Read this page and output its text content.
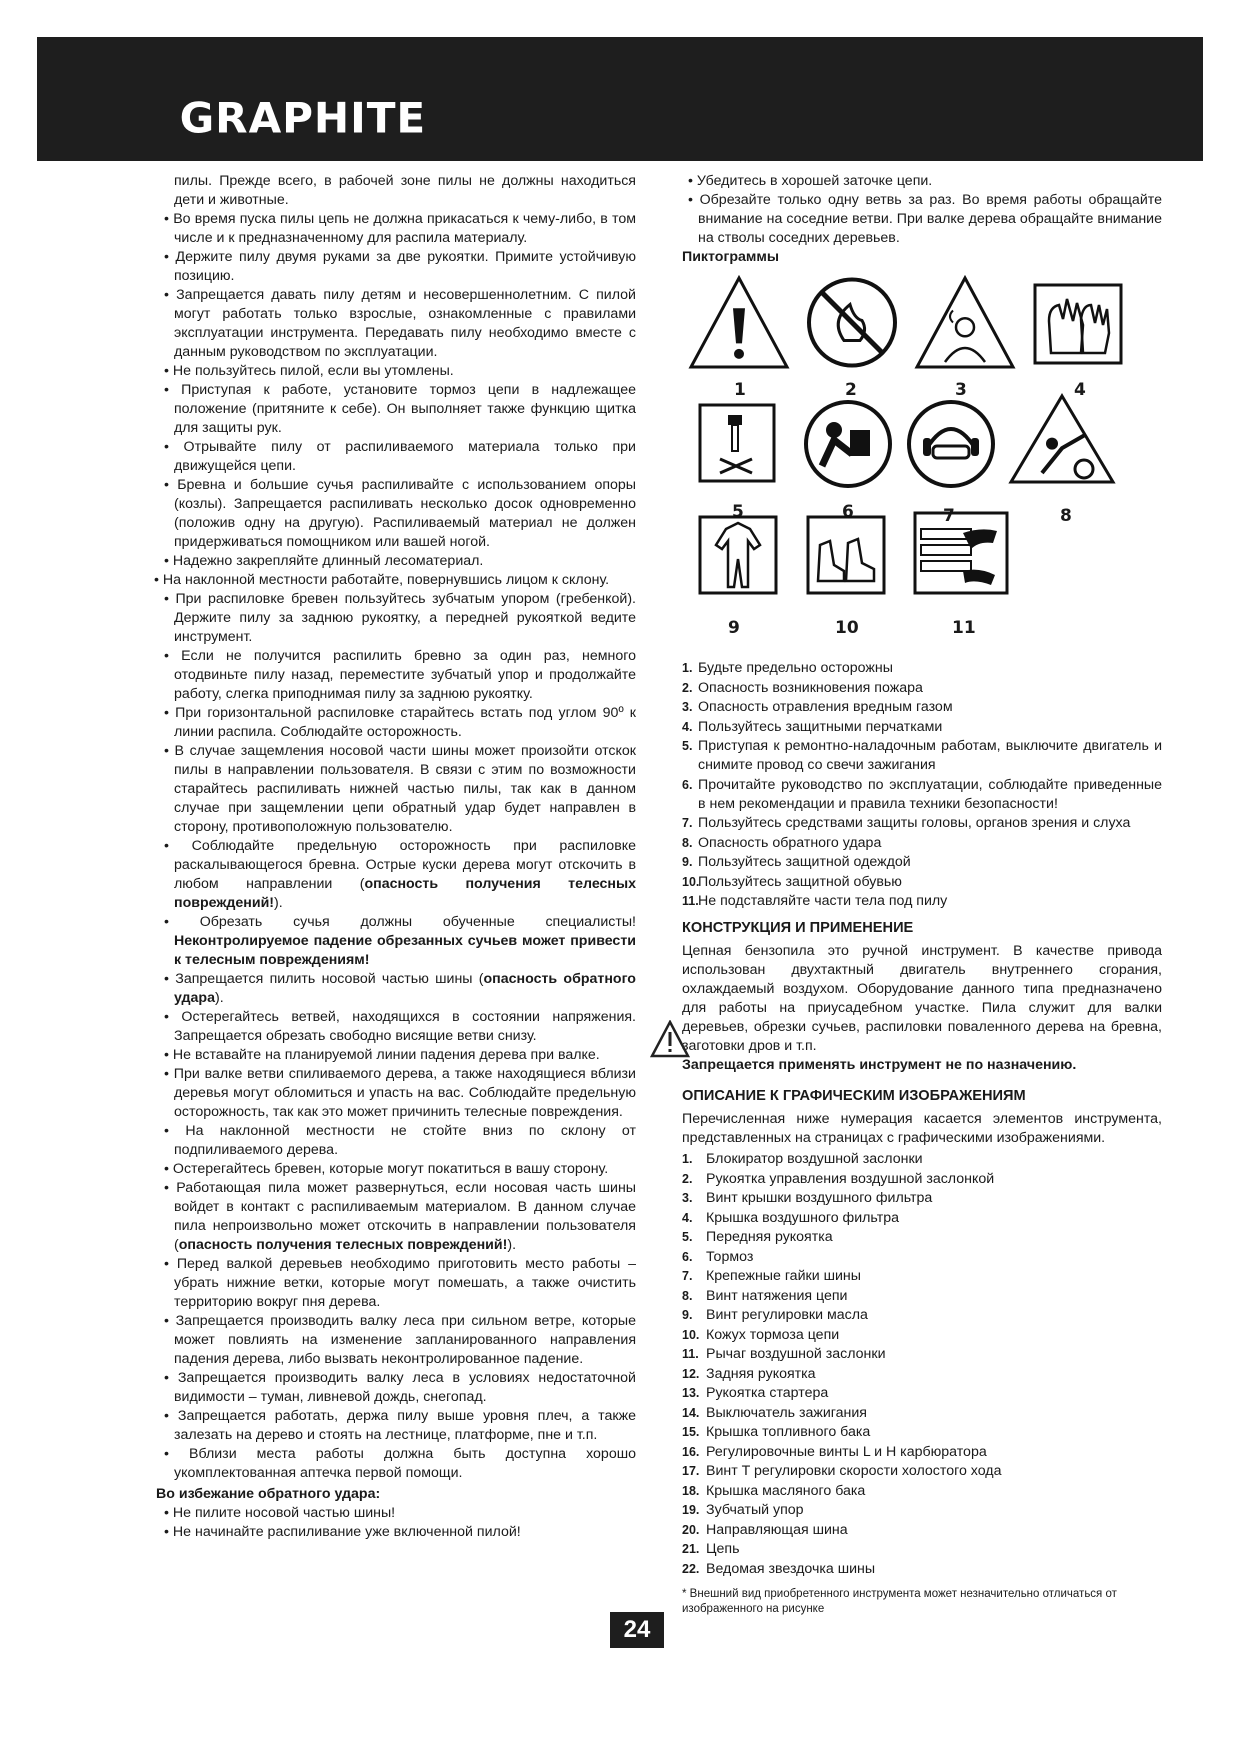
GRAPHITE

пилы. Прежде всего, в рабочей зоне пилы не должны находиться дети и животные.

• Во время пуска пилы цепь не должна прикасаться к чему-либо, в том числе и к предназначенному для распила материалу.

• Держите пилу двумя руками за две рукоятки. Примите устойчивую позицию.

• Запрещается давать пилу детям и несовершеннолетним. С пилой могут работать только взрослые, ознакомленные с правилами эксплуатации инструмента. Передавать пилу необходимо вместе с данным руководством по эксплуатации.

• Не пользуйтесь пилой, если вы утомлены.

• Приступая к работе, установите тормоз цепи в надлежащее положение (притяните к себе). Он выполняет также функцию щитка для защиты рук.

• Отрывайте пилу от распиливаемого материала только при движущейся цепи.

• Бревна и большие сучья распиливайте с использованием опоры (козлы). Запрещается распиливать несколько досок одновременно (положив одну на другую). Распиливаемый материал не должен придерживаться помощником или вашей ногой.

• Надежно закрепляйте длинный лесоматериал.

• На наклонной местности работайте, повернувшись лицом к склону.

• При распиловке бревен пользуйтесь зубчатым упором (гребенкой). Держите пилу за заднюю рукоятку, а передней рукояткой ведите инструмент.

• Если не получится распилить бревно за один раз, немного отодвиньте пилу назад, переместите зубчатый упор и продолжайте работу, слегка приподнимая пилу за заднюю рукоятку.

• При горизонтальной распиловке старайтесь встать под углом 90º к линии распила. Соблюдайте осторожность.

• В случае защемления носовой части шины может произойти отскок пилы в направлении пользователя. В связи с этим по возможности старайтесь распиливать нижней частью пилы, так как в данном случае при защемлении цепи обратный удар будет направлен в сторону, противоположную пользователю.

• Соблюдайте предельную осторожность при распиловке раскалывающегося бревна. Острые куски дерева могут отскочить в любом направлении (опасность получения телесных повреждений!).

• Обрезать сучья должны обученные специалисты! Неконтролируемое падение обрезанных сучьев может привести к телесным повреждениям!

• Запрещается пилить носовой частью шины (опасность обратного удара).

• Остерегайтесь ветвей, находящихся в состоянии напряжения. Запрещается обрезать свободно висящие ветви снизу.

• Не вставайте на планируемой линии падения дерева при валке.

• При валке ветви спиливаемого дерева, а также находящиеся вблизи деревья могут обломиться и упасть на вас. Соблюдайте предельную осторожность, так как это может причинить телесные повреждения.

• На наклонной местности не стойте вниз по склону от подпиливаемого дерева.

• Остерегайтесь бревен, которые могут покатиться в вашу сторону.

• Работающая пила может развернуться, если носовая часть шины войдет в контакт с распиливаемым материалом. В данном случае пила непроизвольно может отскочить в направлении пользователя (опасность получения телесных повреждений!).

• Перед валкой деревьев необходимо приготовить место работы – убрать нижние ветки, которые могут помешать, а также очистить территорию вокруг пня дерева.

• Запрещается производить валку леса при сильном ветре, которые может повлиять на изменение запланированного направления падения дерева, либо вызвать неконтролированное падение.

• Запрещается производить валку леса в условиях недостаточной видимости – туман, ливневой дождь, снегопад.

• Запрещается работать, держа пилу выше уровня плеч, а также залезать на дерево и стоять на лестнице, платформе, пне и т.п.

• Вблизи места работы должна быть доступна хорошо укомплектованная аптечка первой помощи.

Во избежание обратного удара:

• Не пилите носовой частью шины!

• Не начинайте распиливание уже включенной пилой!

• Убедитесь в хорошей заточке цепи.

• Обрезайте только одну ветвь за раз. Во время работы обращайте внимание на соседние ветви. При валке дерева обращайте внимание на стволы соседних деревьев.

Пиктограммы
1	2	3	4
5	6	7	8
9	10	11
1. Будьте предельно осторожны
2. Опасность возникновения пожара
3. Опасность отравления вредным газом
4. Пользуйтесь защитными перчатками
5. Приступая к ремонтно-наладочным работам, выключите двигатель и снимите провод со свечи зажигания
6. Прочитайте руководство по эксплуатации, соблюдайте приведенные в нем рекомендации и правила техники безопасности!
7. Пользуйтесь средствами защиты головы, органов зрения и слуха
8. Опасность обратного удара
9. Пользуйтесь защитной одеждой
10.Пользуйтесь защитной обувью
11.Не подставляйте части тела под пилу
КОНСТРУКЦИЯ И ПРИМЕНЕНИЕ

Цепная бензопила это ручной инструмент. В качестве привода использован двухтактный двигатель внутреннего сгорания, охлаждаемый воздухом. Оборудование данного типа предназначено для работы на приусадебном участке. Пила служит для валки деревьев, обрезки сучьев, распиловки поваленного дерева на бревна, заготовки дров и т.п.

Запрещается применять инструмент не по назначению.

ОПИСАНИЕ К ГРАФИЧЕСКИМ ИЗОБРАЖЕНИЯМ

Перечисленная ниже нумерация касается элементов инструмента, представленных на страницах с графическими изображениями.

1. Блокиратор воздушной заслонки
2. Рукоятка управления воздушной заслонкой
3. Винт крышки воздушного фильтра
4. Крышка воздушного фильтра
5. Передняя рукоятка
6. Тормоз
7. Крепежные гайки шины
8. Винт натяжения цепи
9. Винт регулировки масла
10. Кожух тормоза цепи
11. Рычаг воздушной заслонки
12. Задняя рукоятка
13. Рукоятка стартера
14. Выключатель зажигания
15. Крышка топливного бака
16. Регулировочные винты L и H карбюратора
17. Винт T регулировки скорости холостого хода
18. Крышка масляного бака
19. Зубчатый упор
20. Направляющая шина
21. Цепь
22. Ведомая звездочка шины
* Внешний вид приобретенного инструмента может незначительно отличаться от изображенного на рисунке
24
